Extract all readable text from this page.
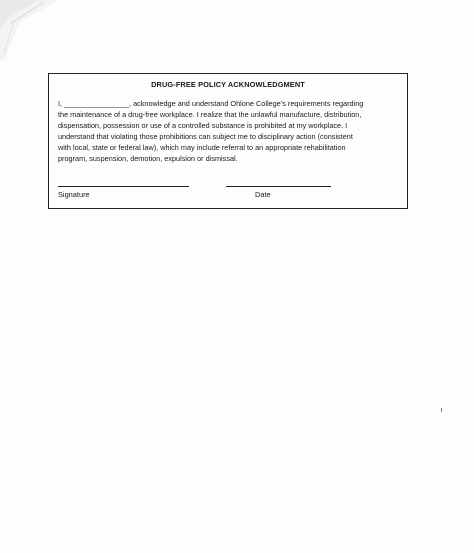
DRUG-FREE POLICY ACKNOWLEDGMENT

I, ________________, acknowledge and understand Ohlone College’s requirements regarding
the maintenance of a drug-free workplace. I realize that the unlawful manufacture, distribution,
dispensation, possession or use of a controlled substance is prohibited at my workplace. I
understand that violating those prohibitions can subject me to disciplinary action (consistent
with local, state or federal law), which may include referral to an appropriate rehabilitation
program, suspension, demotion, expulsion or dismissal.

Signature	Date
